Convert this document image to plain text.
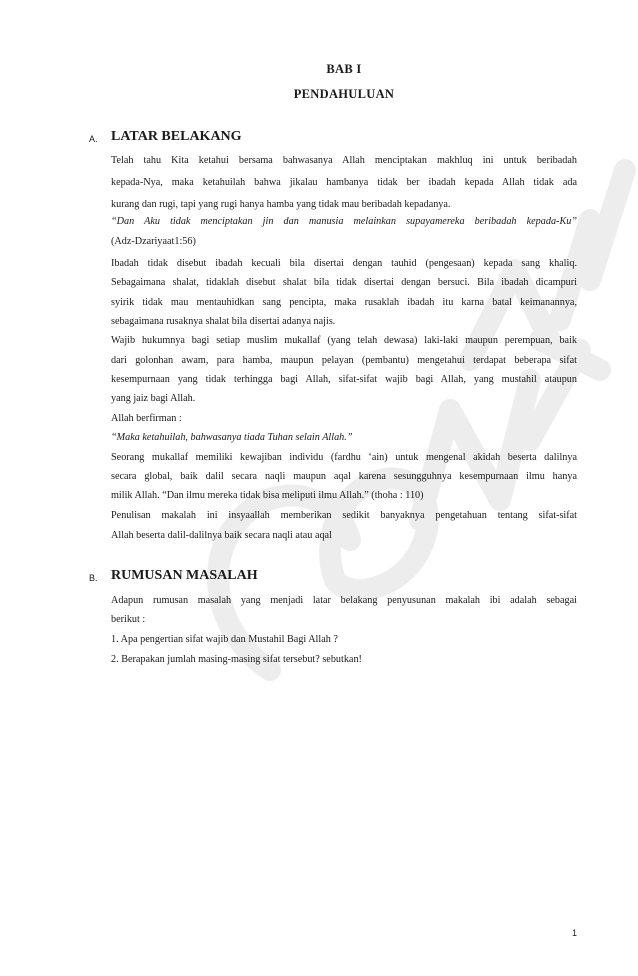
BAB I
PENDAHULUAN
A. LATAR BELAKANG
Telah tahu Kita ketahui bersama bahwasanya Allah menciptakan makhluq ini untuk beribadah
kepada-Nya, maka ketahuilah bahwa jikalau hambanya tidak ber ibadah kepada Allah tidak ada
kurang dan rugi, tapi yang rugi hanya hamba yang tidak mau beribadah kepadanya.
“Dan Aku tidak menciptakan jin dan manusia melainkan supayamereka beribadah kepada-Ku”
(Adz-Dzariyaat1:56)
Ibadah tidak disebut ibadah kecuali bila disertai dengan tauhid (pengesaan) kepada sang khaliq.
Sebagaimana shalat, tidaklah disebut shalat bila tidak disertai dengan bersuci. Bila ibadah dicampuri
syirik tidak mau mentauhidkan sang pencipta, maka rusaklah ibadah itu karna batal keimanannya,
sebagaimana rusaknya shalat bila disertai adanya najis.
Wajib hukumnya bagi setiap muslim mukallaf (yang telah dewasa) laki-laki maupun perempuan, baik
dari golonhan awam, para hamba, maupun pelayan (pembantu) mengetahui terdapat beberapa sifat
kesempurnaan yang tidak terhingga bagi Allah, sifat-sifat wajib bagi Allah, yang mustahil ataupun
yang jaiz bagi Allah.
Allah berfirman :
“Maka ketahuilah, bahwasanya tiada Tuhan selain Allah.”
Seorang mukallaf memiliki kewajiban individu (fardhu ‘ain) untuk mengenal akidah beserta dalilnya
secara global, baik dalil secara naqli maupun aqal karena sesungguhnya kesempurnaan ilmu hanya
milik Allah. “Dan ilmu mereka tidak bisa meliputi ilmu Allah.” (thoha : 110)
Penulisan makalah ini insyaallah memberikan sedikit banyaknya pengetahuan tentang sifat-sifat
Allah beserta dalil-dalilnya baik secara naqli atau aqal
B. RUMUSAN MASALAH
Adapun rumusan masalah yang menjadi latar belakang penyusunan makalah ibi adalah sebagai
berikut :
1. Apa pengertian sifat wajib dan Mustahil Bagi Allah ?
2. Berapakan jumlah masing-masing sifat tersebut? sebutkan!
1
